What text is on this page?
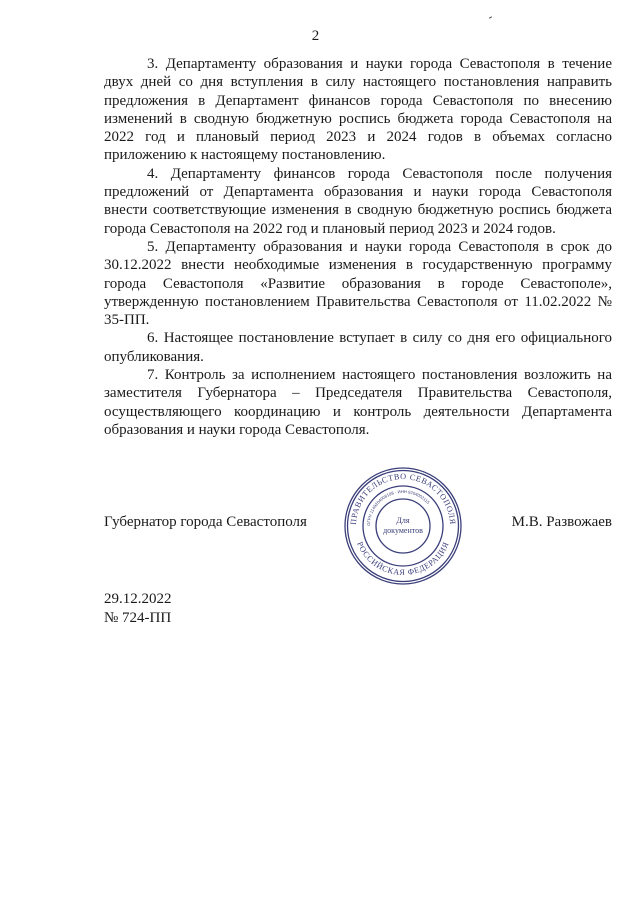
2

3. Департаменту образования и науки города Севастополя в течение двух дней со дня вступления в силу настоящего постановления направить предложения в Департамент финансов города Севастополя по внесению изменений в сводную бюджетную роспись бюджета города Севастополя на 2022 год и плановый период 2023 и 2024 годов в объемах согласно приложению к настоящему постановлению.

4. Департаменту финансов города Севастополя после получения предложений от Департамента образования и науки города Севастополя внести соответствующие изменения в сводную бюджетную роспись бюджета города Севастополя на 2022 год и плановый период 2023 и 2024 годов.

5. Департаменту образования и науки города Севастополя в срок до 30.12.2022 внести необходимые изменения в государственную программу города Севастополя «Развитие образования в городе Севастополе», утвержденную постановлением Правительства Севастополя от 11.02.2022 № 35-ПП.

6. Настоящее постановление вступает в силу со дня его официального опубликования.

7. Контроль за исполнением настоящего постановления возложить на заместителя Губернатора – Председателя Правительства Севастополя, осуществляющего координацию и контроль деятельности Департамента образования и науки города Севастополя.

Губернатор города Севастополя	М.В. Развожаев
ПРАВИТЕЛЬСТВО СЕВАСТОПОЛЯ
РОССИЙСКАЯ ФЕДЕРАЦИЯ
ОГРН 1149204008198 · ИНН 9204002115
Для
документов
29.12.2022
№ 724-ПП
